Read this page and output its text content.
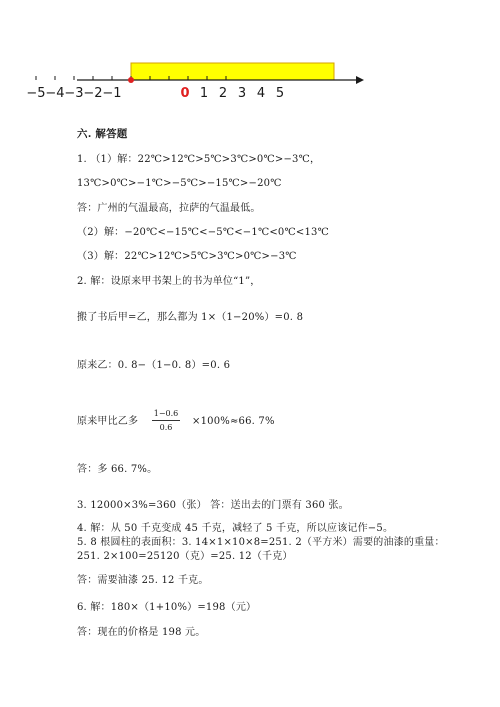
−5 −4 −3 −2 −1	0 1 2 3 4 5
六. 解答题
1. （1）解：22℃>12℃>5℃>3℃>0℃>−3℃，
13℃>0℃>−1℃>−5℃>−15℃>−20℃
答：广州的气温最高，拉萨的气温最低。
（2）解：−20℃<−15℃<−5℃<−1℃<0℃<13℃
（3）解：22℃>12℃>5℃>3℃>0℃>−3℃
2. 解：设原来甲书架上的书为单位“1”，
搬了书后甲=乙，那么都为 1×（1−20%）=0. 8
原来乙：0. 8−（1−0. 8）=0. 6
原来甲比乙多
1−0.6
0.6
×100%≈66. 7%
答：多 66. 7%。
3. 12000×3%=360（张） 答：送出去的门票有 360 张。
4. 解：从 50 千克变成 45 千克，减轻了 5 千克，所以应该记作−5。
5. 8 根圆柱的表面积：3. 14×1×10×8=251. 2（平方米）需要的油漆的重量：
251. 2×100=25120（克）=25. 12（千克）
答：需要油漆 25. 12 千克。
6. 解：180×（1+10%）=198（元）
答：现在的价格是 198 元。
